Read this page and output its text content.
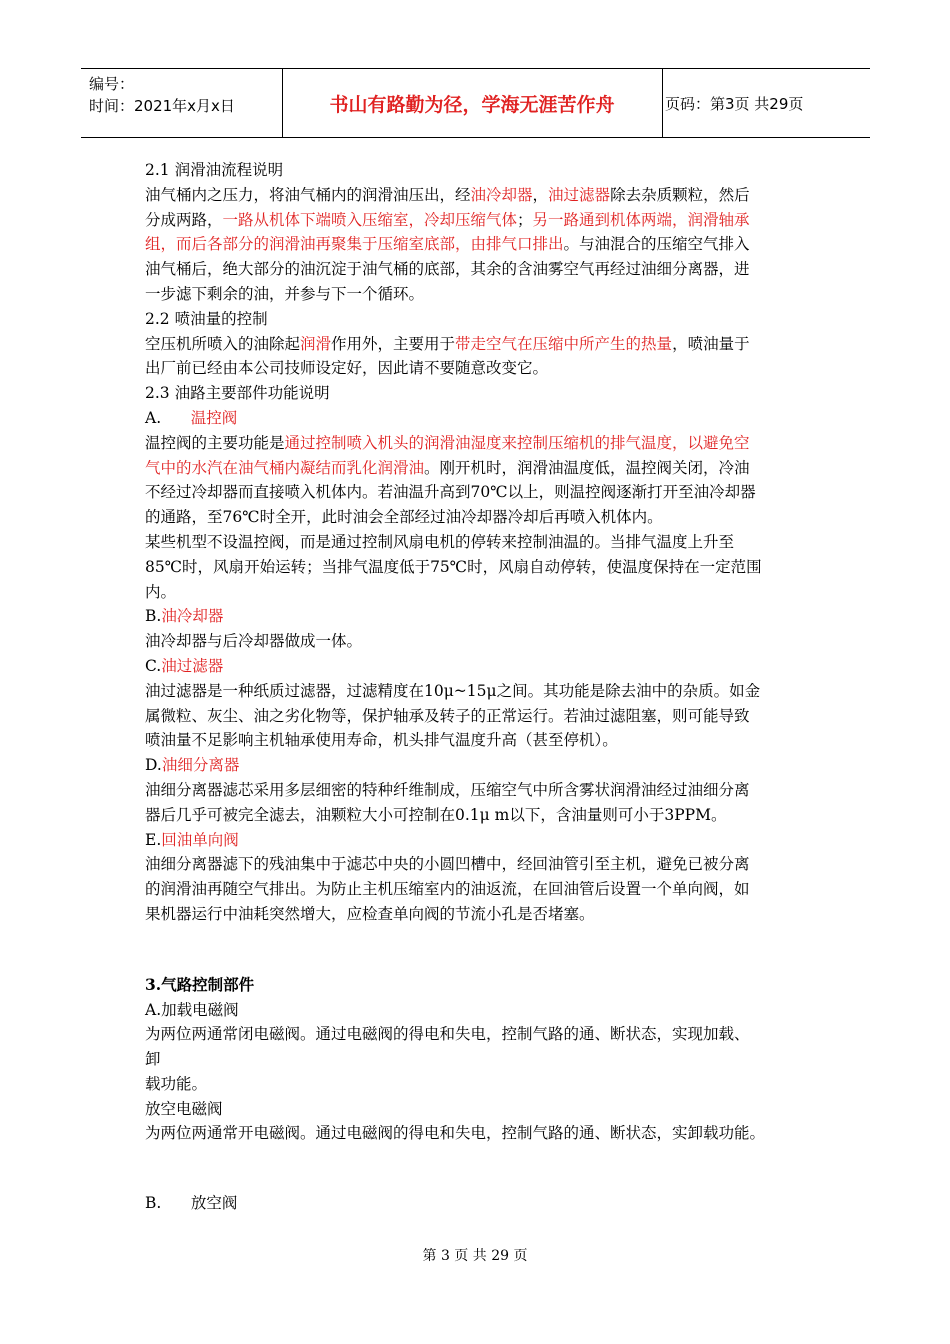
编号：
时间：2021年x月x日	书山有路勤为径，学海无涯苦作舟	页码：第3页 共29页
2.1 润滑油流程说明
油气桶内之压力，将油气桶内的润滑油压出，经油冷却器，油过滤器除去杂质颗粒，然后
分成两路，一路从机体下端喷入压缩室，冷却压缩气体；另一路通到机体两端，润滑轴承
组，而后各部分的润滑油再聚集于压缩室底部，由排气口排出。与油混合的压缩空气排入
油气桶后，绝大部分的油沉淀于油气桶的底部，其余的含油雾空气再经过油细分离器，进
一步滤下剩余的油，并参与下一个循环。
2.2 喷油量的控制
空压机所喷入的油除起润滑作用外，主要用于带走空气在压缩中所产生的热量，喷油量于
出厂前已经由本公司技师设定好，因此请不要随意改变它。
2.3 油路主要部件功能说明
A.      温控阀
温控阀的主要功能是通过控制喷入机头的润滑油湿度来控制压缩机的排气温度，以避免空
气中的水汽在油气桶内凝结而乳化润滑油。刚开机时，润滑油温度低，温控阀关闭，冷油
不经过冷却器而直接喷入机体内。若油温升高到70℃以上，则温控阀逐渐打开至油冷却器
的通路，至76℃时全开，此时油会全部经过油冷却器冷却后再喷入机体内。
某些机型不设温控阀，而是通过控制风扇电机的停转来控制油温的。当排气温度上升至
85℃时，风扇开始运转；当排气温度低于75℃时，风扇自动停转，使温度保持在一定范围
内。
B.油冷却器
油冷却器与后冷却器做成一体。
C.油过滤器
油过滤器是一种纸质过滤器，过滤精度在10μ~15μ之间。其功能是除去油中的杂质。如金
属微粒、灰尘、油之劣化物等，保护轴承及转子的正常运行。若油过滤阻塞，则可能导致
喷油量不足影响主机轴承使用寿命，机头排气温度升高（甚至停机）。
D.油细分离器
油细分离器滤芯采用多层细密的特种纤维制成，压缩空气中所含雾状润滑油经过油细分离
器后几乎可被完全滤去，油颗粒大小可控制在0.1μ m以下，含油量则可小于3PPM。
E.回油单向阀
油细分离器滤下的残油集中于滤芯中央的小圆凹槽中，经回油管引至主机，避免已被分离
的润滑油再随空气排出。为防止主机压缩室内的油返流，在回油管后设置一个单向阀，如
果机器运行中油耗突然增大，应检查单向阀的节流小孔是否堵塞。
3.气路控制部件
A.加载电磁阀
为两位两通常闭电磁阀。通过电磁阀的得电和失电，控制气路的通、断状态，实现加载、
卸
载功能。
放空电磁阀
为两位两通常开电磁阀。通过电磁阀的得电和失电，控制气路的通、断状态，实卸载功能。
B.      放空阀
第 3 页 共 29 页
